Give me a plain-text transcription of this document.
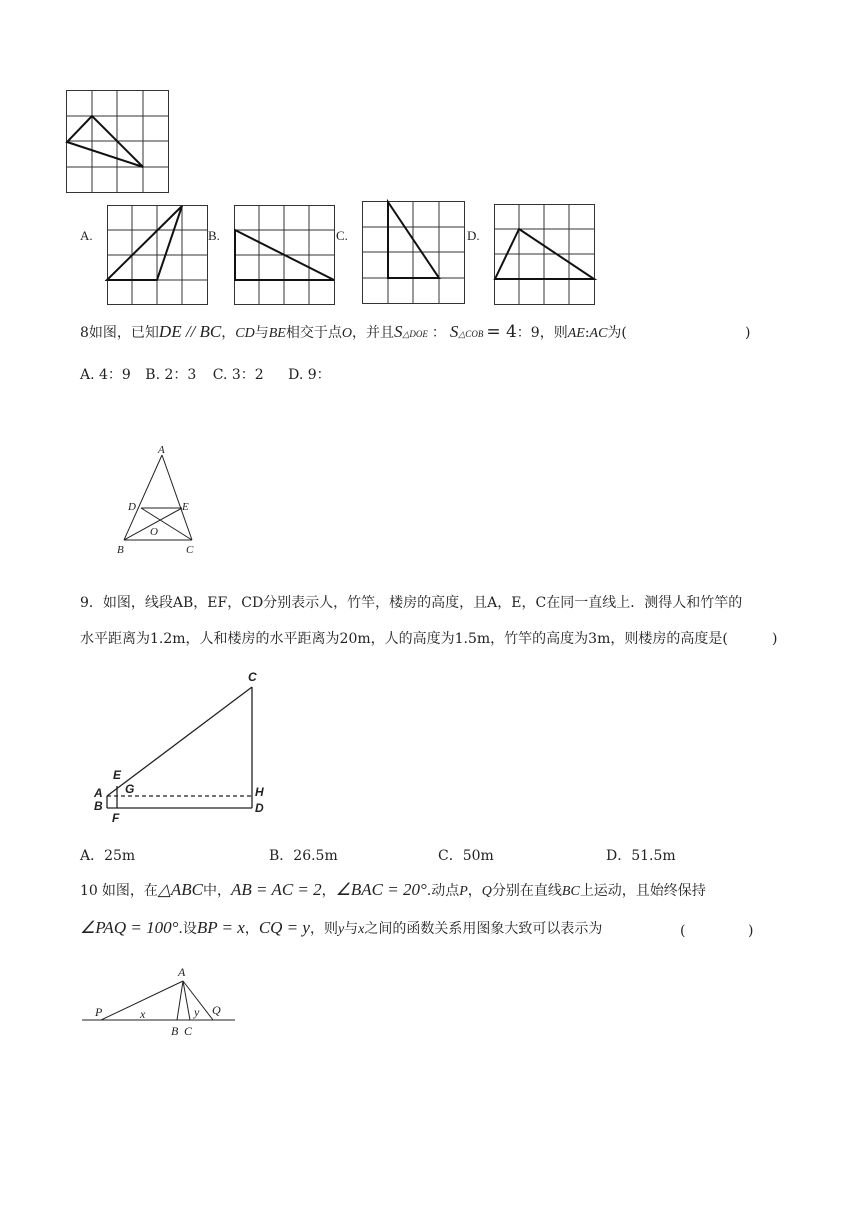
A.	B.	C.	D.
8如图，已知DE // BC，CD与BE相交于点O，并且S△DOE ： S△COB = 4：9，则AE:AC为(	)
A. 4：9 B. 2：3 C. 3：2 D. 9：
A
D	E
O
B	C
9．如图，线段AB，EF，CD分别表示人，竹竿，楼房的高度，且A，E，C在同一直线上．测得人和竹竿的
水平距离为1.2m，人和楼房的水平距离为20m，人的高度为1.5m，竹竿的高度为3m，则楼房的高度是(	)
C
E
A G
B
F
H
D
A．25m	B．26.5m	C．50m	D．51.5m
10 如图，在△ABC中，AB = AC = 2，∠BAC = 20°.动点P，Q分别在直线BC上运动，且始终保持
∠PAQ = 100°.设BP = x，CQ = y，则y与x之间的函数关系用图象大致可以表示为	(	)
A
P	x	y Q
B C
